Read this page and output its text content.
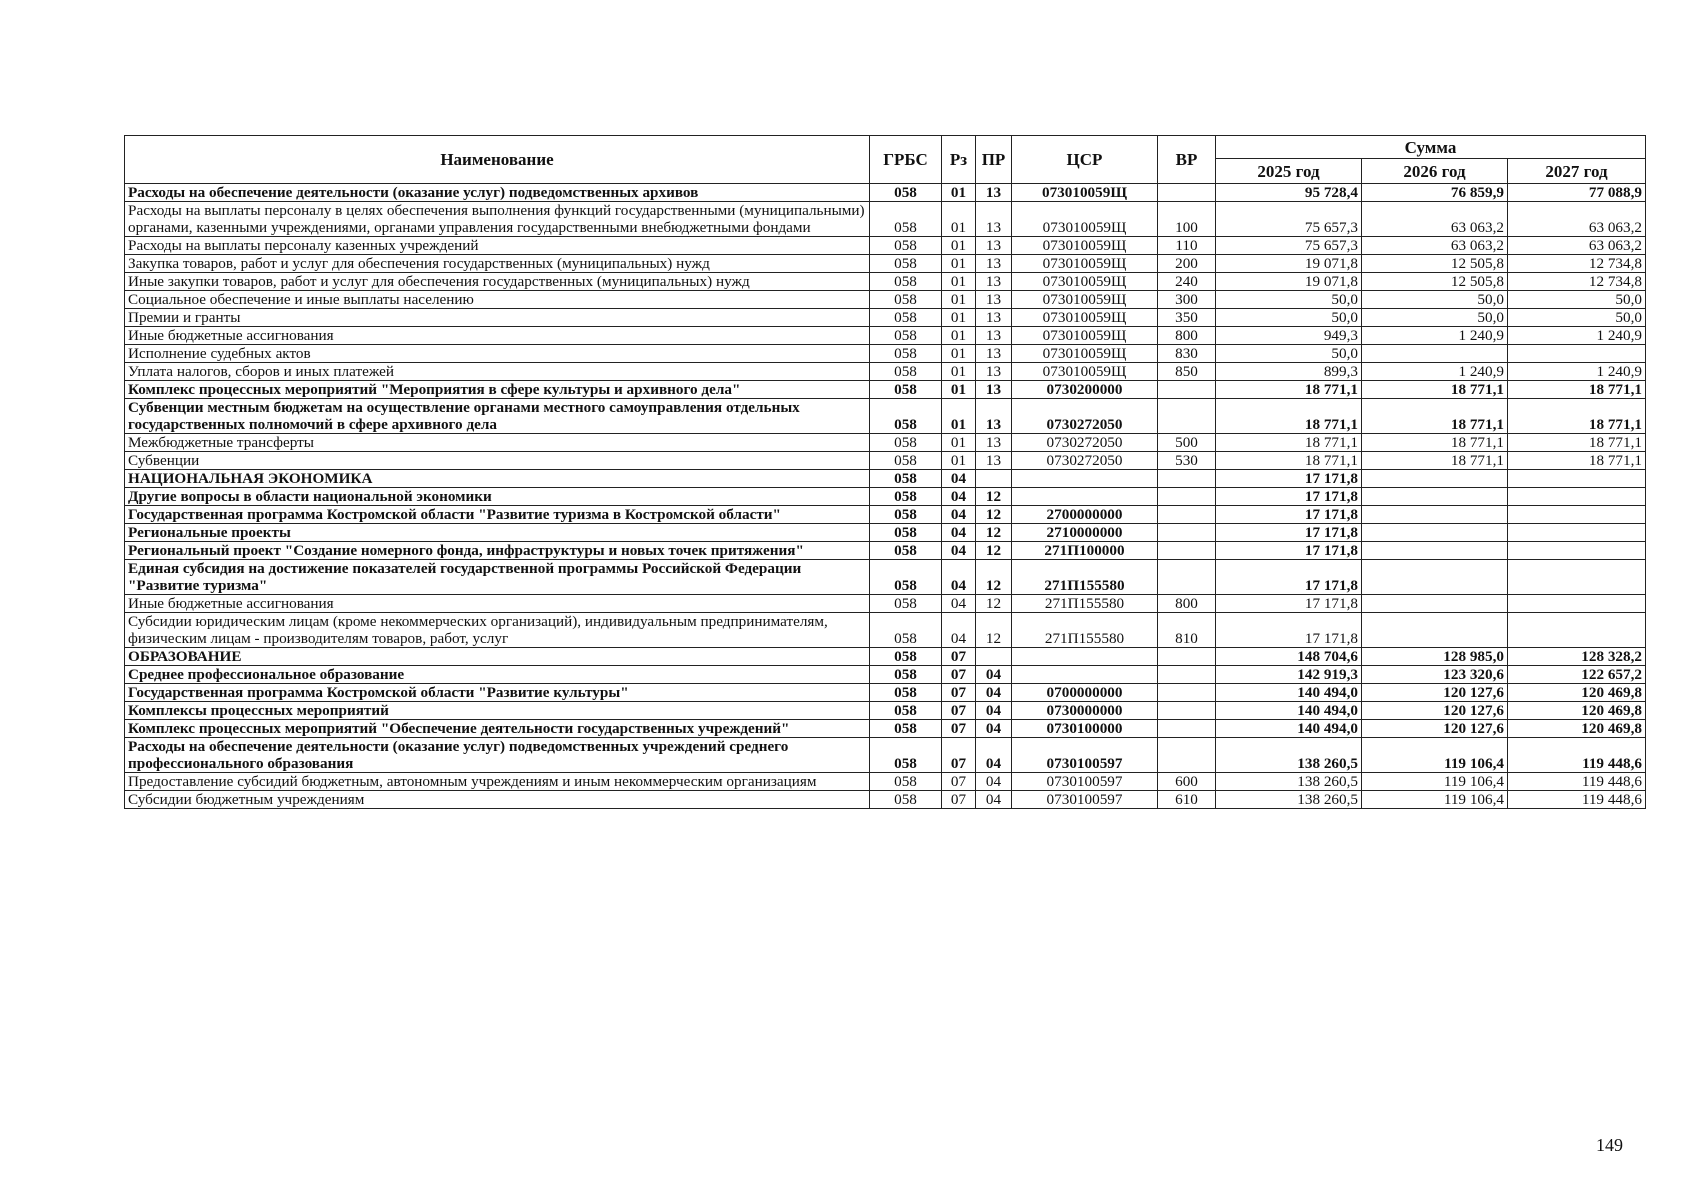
Наименование	ГРБС	Рз	ПР	ЦСР	ВР	Сумма		
						2025 год	2026 год	2027 год
Расходы на обеспечение деятельности (оказание услуг) подведомственных архивов	058	01	13	073010059Щ		95 728,4	76 859,9	77 088,9
Расходы на выплаты персоналу в целях обеспечения выполнения функций государственными (муниципальными) органами, казенными учреждениями, органами управления государственными внебюджетными фондами	058	01	13	073010059Щ	100	75 657,3	63 063,2	63 063,2
Расходы на выплаты персоналу казенных учреждений	058	01	13	073010059Щ	110	75 657,3	63 063,2	63 063,2
Закупка товаров, работ и услуг для обеспечения государственных (муниципальных) нужд	058	01	13	073010059Щ	200	19 071,8	12 505,8	12 734,8
Иные закупки товаров, работ и услуг для обеспечения государственных (муниципальных) нужд	058	01	13	073010059Щ	240	19 071,8	12 505,8	12 734,8
Социальное обеспечение и иные выплаты населению	058	01	13	073010059Щ	300	50,0	50,0	50,0
Премии и гранты	058	01	13	073010059Щ	350	50,0	50,0	50,0
Иные бюджетные ассигнования	058	01	13	073010059Щ	800	949,3	1 240,9	1 240,9
Исполнение судебных актов	058	01	13	073010059Щ	830	50,0		
Уплата налогов, сборов и иных платежей	058	01	13	073010059Щ	850	899,3	1 240,9	1 240,9
Комплекс процессных мероприятий "Мероприятия в сфере культуры и архивного дела"	058	01	13	0730200000		18 771,1	18 771,1	18 771,1
Субвенции местным бюджетам на осуществление органами местного самоуправления отдельных государственных полномочий в сфере архивного дела	058	01	13	0730272050		18 771,1	18 771,1	18 771,1
Межбюджетные трансферты	058	01	13	0730272050	500	18 771,1	18 771,1	18 771,1
Субвенции	058	01	13	0730272050	530	18 771,1	18 771,1	18 771,1
НАЦИОНАЛЬНАЯ ЭКОНОМИКА	058	04				17 171,8		
Другие вопросы в области национальной экономики	058	04	12			17 171,8		
Государственная программа Костромской области "Развитие туризма в Костромской области"	058	04	12	2700000000		17 171,8		
Региональные проекты	058	04	12	2710000000		17 171,8		
Региональный проект "Создание номерного фонда, инфраструктуры и новых точек притяжения"	058	04	12	271П100000		17 171,8		
Единая субсидия на достижение показателей государственной программы Российской Федерации "Развитие туризма"	058	04	12	271П155580		17 171,8		
Иные бюджетные ассигнования	058	04	12	271П155580	800	17 171,8		
Субсидии юридическим лицам (кроме некоммерческих организаций), индивидуальным предпринимателям, физическим лицам - производителям товаров, работ, услуг	058	04	12	271П155580	810	17 171,8		
ОБРАЗОВАНИЕ	058	07				148 704,6	128 985,0	128 328,2
Среднее профессиональное образование	058	07	04			142 919,3	123 320,6	122 657,2
Государственная программа Костромской области "Развитие культуры"	058	07	04	0700000000		140 494,0	120 127,6	120 469,8
Комплексы процессных мероприятий	058	07	04	0730000000		140 494,0	120 127,6	120 469,8
Комплекс процессных мероприятий "Обеспечение деятельности государственных учреждений"	058	07	04	0730100000		140 494,0	120 127,6	120 469,8
Расходы на обеспечение деятельности (оказание услуг) подведомственных учреждений среднего профессионального образования	058	07	04	0730100597		138 260,5	119 106,4	119 448,6
Предоставление субсидий бюджетным, автономным учреждениям и иным некоммерческим организациям	058	07	04	0730100597	600	138 260,5	119 106,4	119 448,6
Субсидии бюджетным учреждениям	058	07	04	0730100597	610	138 260,5	119 106,4	119 448,6
149
